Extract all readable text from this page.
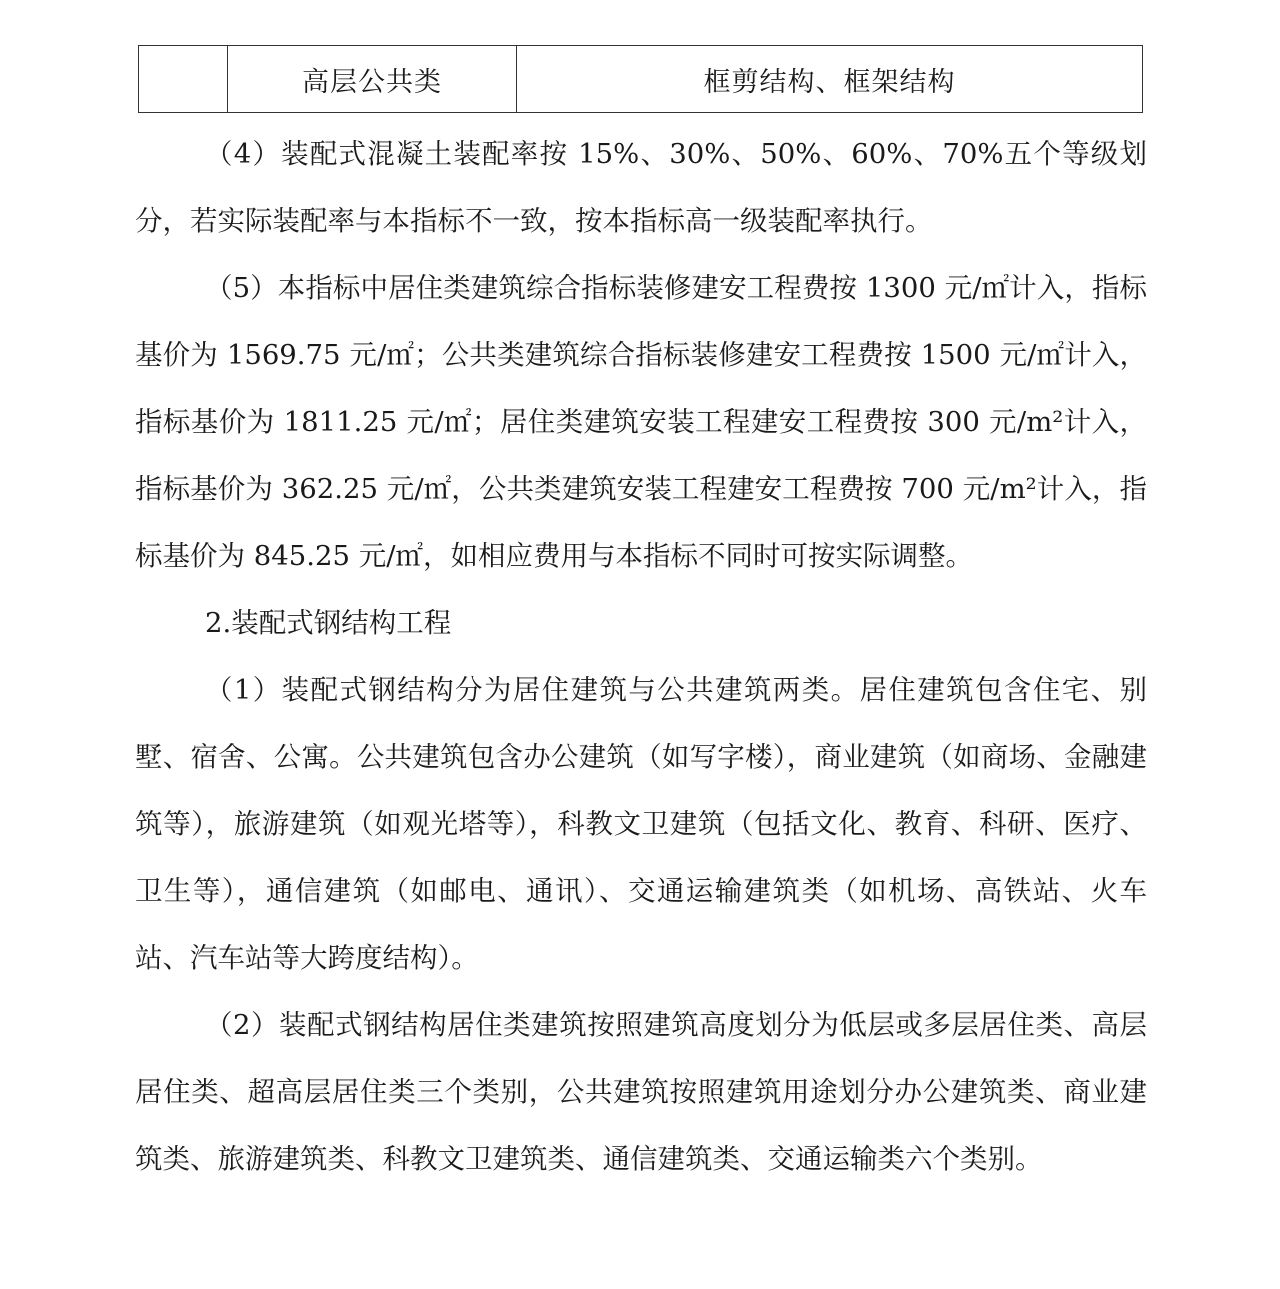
	高层公共类	框剪结构、框架结构

（4）装配式混凝土装配率按 15%、30%、50%、60%、70%五个等级划分，若实际装配率与本指标不一致，按本指标高一级装配率执行。

（5）本指标中居住类建筑综合指标装修建安工程费按 1300 元/㎡计入，指标基价为 1569.75 元/㎡；公共类建筑综合指标装修建安工程费按 1500 元/㎡计入，指标基价为 1811.25 元/㎡；居住类建筑安装工程建安工程费按 300 元/m²计入，指标基价为 362.25 元/㎡，公共类建筑安装工程建安工程费按 700 元/m²计入，指标基价为 845.25 元/㎡，如相应费用与本指标不同时可按实际调整。

2.装配式钢结构工程

（1）装配式钢结构分为居住建筑与公共建筑两类。居住建筑包含住宅、别墅、宿舍、公寓。公共建筑包含办公建筑（如写字楼），商业建筑（如商场、金融建筑等），旅游建筑（如观光塔等），科教文卫建筑（包括文化、教育、科研、医疗、卫生等），通信建筑（如邮电、通讯）、交通运输建筑类（如机场、高铁站、火车站、汽车站等大跨度结构）。

（2）装配式钢结构居住类建筑按照建筑高度划分为低层或多层居住类、高层居住类、超高层居住类三个类别，公共建筑按照建筑用途划分办公建筑类、商业建筑类、旅游建筑类、科教文卫建筑类、通信建筑类、交通运输类六个类别。
